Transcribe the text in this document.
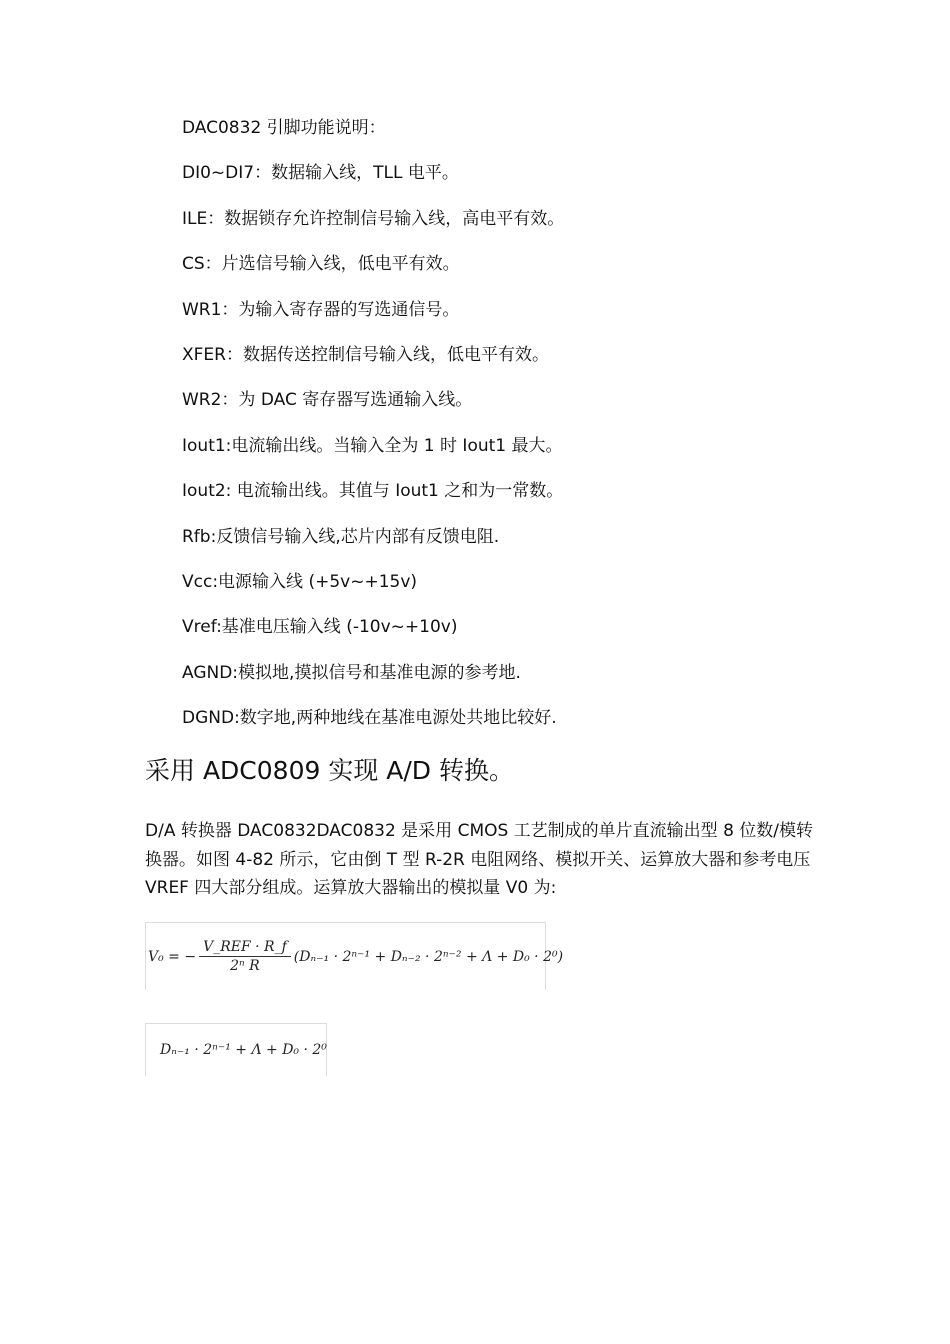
DAC0832 引脚功能说明：
DI0~DI7：数据输入线，TLL 电平。
ILE：数据锁存允许控制信号输入线，高电平有效。
CS：片选信号输入线，低电平有效。
WR1：为输入寄存器的写选通信号。
XFER：数据传送控制信号输入线，低电平有效。
WR2：为 DAC 寄存器写选通输入线。
Iout1:电流输出线。当输入全为 1 时 Iout1 最大。
Iout2: 电流输出线。其值与 Iout1 之和为一常数。
Rfb:反馈信号输入线,芯片内部有反馈电阻.
Vcc:电源输入线 (+5v~+15v)
Vref:基准电压输入线 (-10v~+10v)
AGND:模拟地,摸拟信号和基准电源的参考地.
DGND:数字地,两种地线在基准电源处共地比较好.
采用 ADC0809 实现 A/D 转换。

D/A 转换器 DAC0832DAC0832 是采用 CMOS 工艺制成的单片直流输出型 8 位数/模转换器。如图 4-82 所示，它由倒 T 型 R-2R 电阻网络、模拟开关、运算放大器和参考电压 VREF 四大部分组成。运算放大器输出的模拟量 V0 为:

V₀ = − $\frac{\text{V\_REF · R\_f}}{\text{2ⁿ R}} (D_{n-1} \cdot 2^{n-1} + D_{n-2} \cdot 2^{n-2} + \Lambda + D_0 \cdot 2^0)$
Dₙ₋₁ · 2ⁿ⁻¹ + Λ + D₀ · 2⁰
